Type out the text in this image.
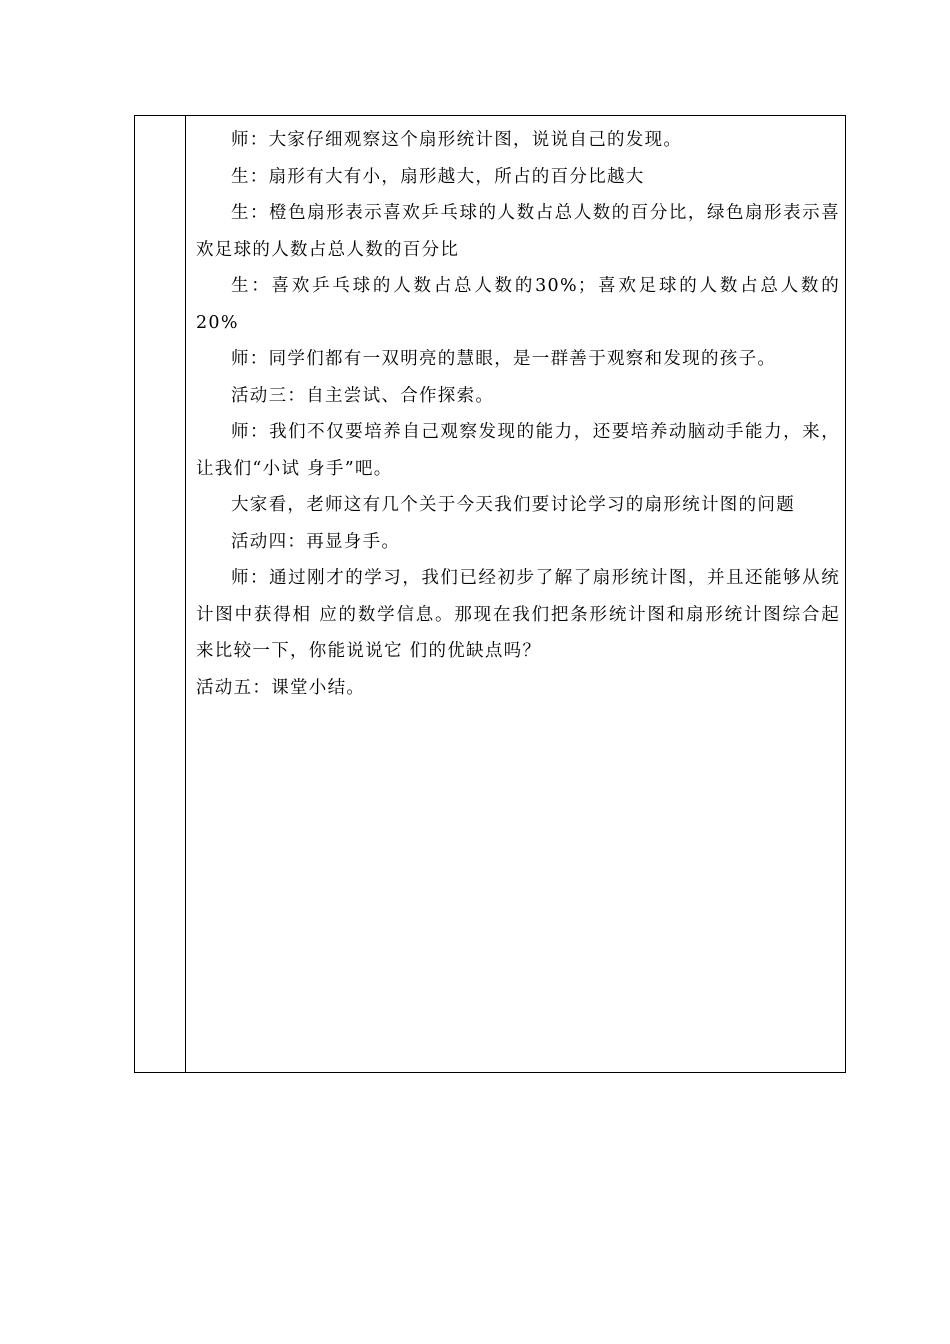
师：大家仔细观察这个扇形统计图，说说自己的发现。

生：扇形有大有小，扇形越大，所占的百分比越大

生：橙色扇形表示喜欢乒乓球的人数占总人数的百分比，绿色扇形表示喜欢足球的人数占总人数的百分比

生：喜欢乒乓球的人数占总人数的30%；喜欢足球的人数占总人数的20%

师：同学们都有一双明亮的慧眼，是一群善于观察和发现的孩子。

活动三：自主尝试、合作探索。

师：我们不仅要培养自己观察发现的能力，还要培养动脑动手能力，来，让我们“小试 身手”吧。

大家看，老师这有几个关于今天我们要讨论学习的扇形统计图的问题

活动四：再显身手。

师：通过刚才的学习，我们已经初步了解了扇形统计图，并且还能够从统计图中获得相 应的数学信息。那现在我们把条形统计图和扇形统计图综合起来比较一下，你能说说它 们的优缺点吗？

活动五：课堂小结。
